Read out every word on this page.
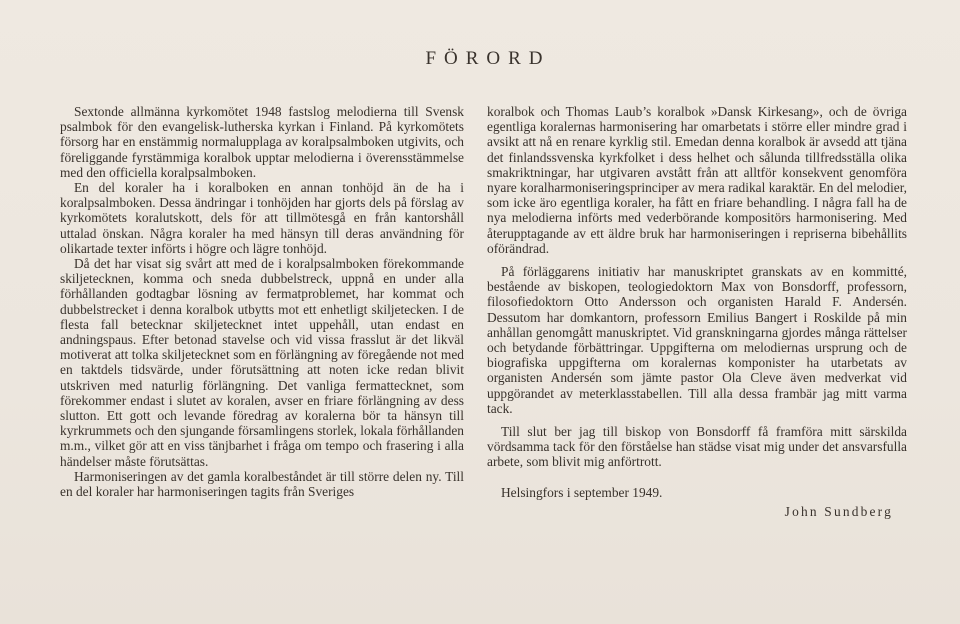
FÖRORD

Sextonde allmänna kyrkomötet 1948 fastslog melodierna till Svensk psalmbok för den evangelisk-lutherska kyrkan i Finland. På kyrkomötets försorg har en enstämmig normalupplaga av koralpsalmboken utgivits, och föreliggande fyrstämmiga koralbok upptar melodierna i överensstämmelse med den officiella koralpsalmboken.

En del koraler ha i koralboken en annan tonhöjd än de ha i koralpsalmboken. Dessa ändringar i tonhöjden har gjorts dels på förslag av kyrkomötets koralutskott, dels för att tillmötesgå en från kantorshåll uttalad önskan. Några koraler ha med hänsyn till deras användning för olikartade texter införts i högre och lägre tonhöjd.

Då det har visat sig svårt att med de i koralpsalmboken förekommande skiljetecknen, komma och sneda dubbelstreck, uppnå en under alla förhållanden godtagbar lösning av fermatproblemet, har kommat och dubbelstrecket i denna koralbok utbytts mot ett enhetligt skiljetecken. I de flesta fall betecknar skiljetecknet intet uppehåll, utan endast en andningspaus. Efter betonad stavelse och vid vissa frasslut är det likväl motiverat att tolka skiljetecknet som en förlängning av föregående not med en taktdels tidsvärde, under förutsättning att noten icke redan blivit utskriven med naturlig förlängning. Det vanliga fermattecknet, som förekommer endast i slutet av koralen, avser en friare förlängning av dess slutton. Ett gott och levande föredrag av koralerna bör ta hänsyn till kyrkrummets och den sjungande församlingens storlek, lokala förhållanden m.m., vilket gör att en viss tänjbarhet i fråga om tempo och frasering i alla händelser måste förutsättas.

Harmoniseringen av det gamla koralbeståndet är till större delen ny. Till en del koraler har harmoniseringen tagits från Sveriges

koralbok och Thomas Laub’s koralbok »Dansk Kirkesang», och de övriga egentliga koralernas harmonisering har omarbetats i större eller mindre grad i avsikt att nå en renare kyrklig stil. Emedan denna koralbok är avsedd att tjäna det finlandssvenska kyrkfolket i dess helhet och sålunda tillfredsställa olika smakriktningar, har utgivaren avstått från att alltför konsekvent genomföra nyare koralharmoniseringsprinciper av mera radikal karaktär. En del melodier, som icke äro egentliga koraler, ha fått en friare behandling. I några fall ha de nya melodierna införts med vederbörande kompositörs harmonisering. Med återupptagande av ett äldre bruk har harmoniseringen i repriserna bibehållits oförändrad.

På förläggarens initiativ har manuskriptet granskats av en kommitté, bestående av biskopen, teologiedoktorn Max von Bonsdorff, professorn, filosofiedoktorn Otto Andersson och organisten Harald F. Andersén. Dessutom har domkantorn, professorn Emilius Bangert i Roskilde på min anhållan genomgått manuskriptet. Vid granskningarna gjordes många rättelser och betydande förbättringar. Uppgifterna om melodiernas ursprung och de biografiska uppgifterna om koralernas komponister ha utarbetats av organisten Andersén som jämte pastor Ola Cleve även medverkat vid uppgörandet av meterklasstabellen. Till alla dessa frambär jag mitt varma tack.

Till slut ber jag till biskop von Bonsdorff få framföra mitt särskilda vördsamma tack för den förståelse han städse visat mig under det ansvarsfulla arbete, som blivit mig anförtrott.

Helsingfors i september 1949.

John Sundberg
